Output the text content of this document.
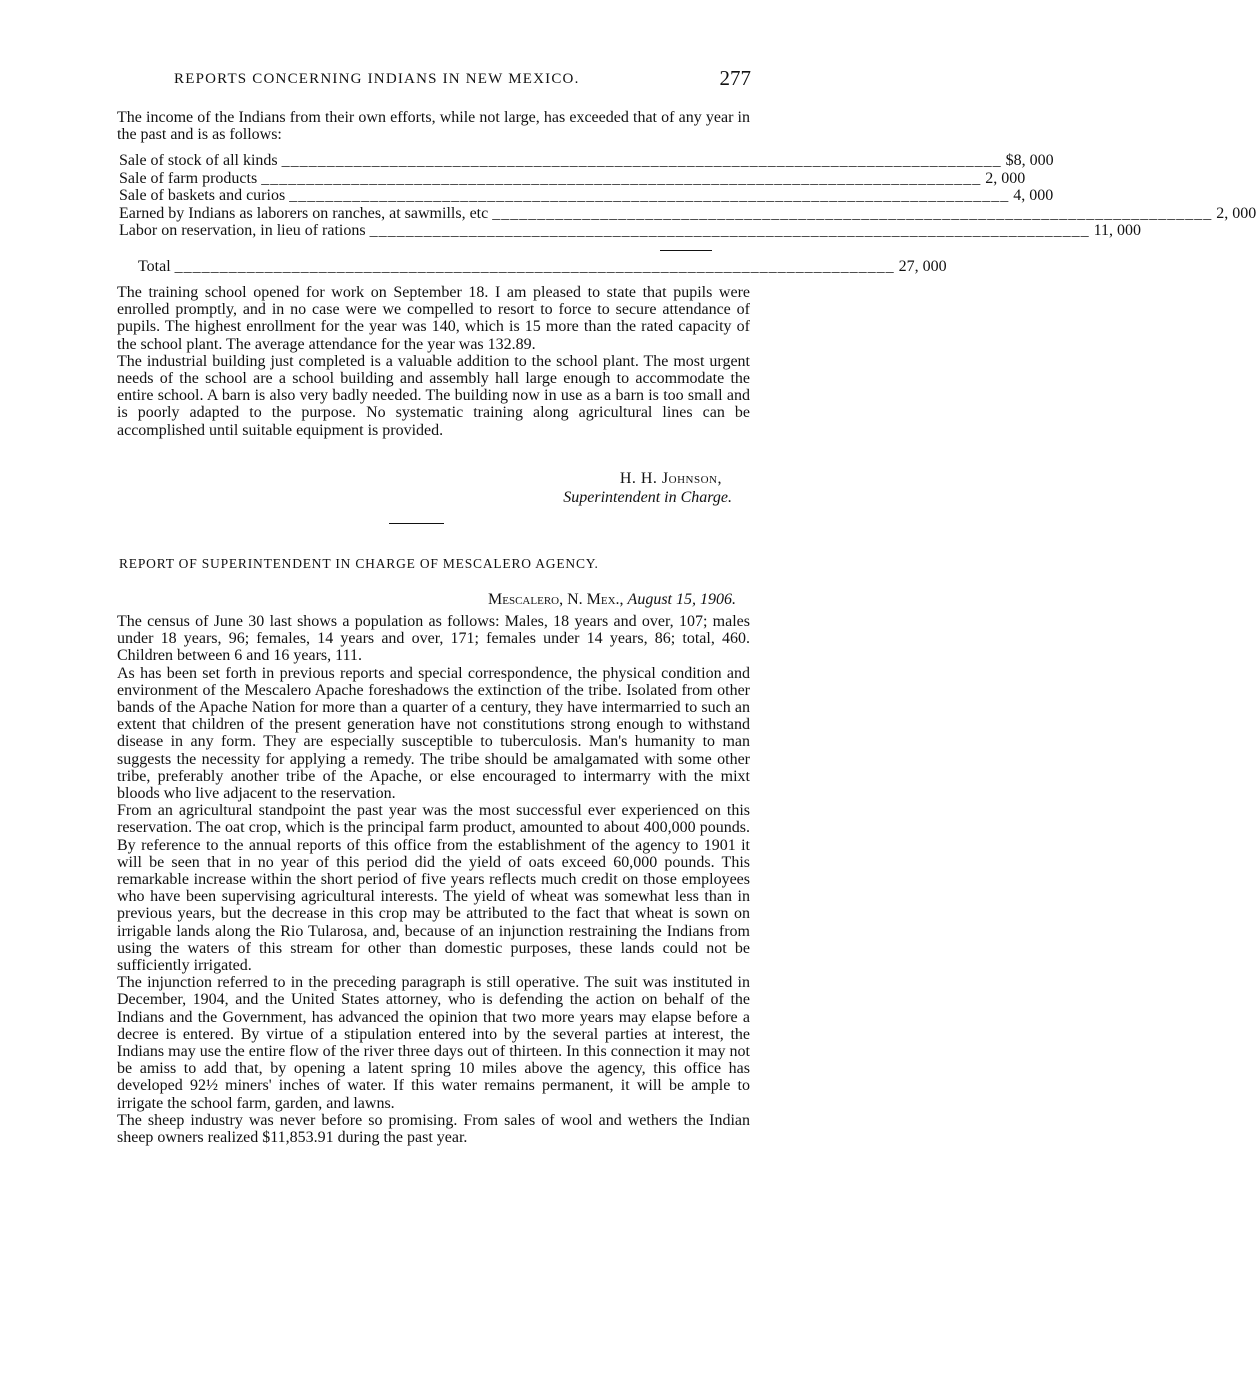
REPORTS CONCERNING INDIANS IN NEW MEXICO.	277

The income of the Indians from their own efforts, while not large, has exceeded that of any year in the past and is as follows:

Sale of stock of all kinds ________________________________________________________________________________ $8, 000
Sale of farm products ________________________________________________________________________________ 2, 000
Sale of baskets and curios ________________________________________________________________________________ 4, 000
Earned by Indians as laborers on ranches, at sawmills, etc ________________________________________________________________________________ 2, 000
Labor on reservation, in lieu of rations ________________________________________________________________________________ 11, 000
Total ________________________________________________________________________________ 27, 000

The training school opened for work on September 18. I am pleased to state that pupils were enrolled promptly, and in no case were we compelled to resort to force to secure attendance of pupils. The highest enrollment for the year was 140, which is 15 more than the rated capacity of the school plant. The average attendance for the year was 132.89.

The industrial building just completed is a valuable addition to the school plant. The most urgent needs of the school are a school building and assembly hall large enough to accommodate the entire school. A barn is also very badly needed. The building now in use as a barn is too small and is poorly adapted to the purpose. No systematic training along agricultural lines can be accomplished until suitable equipment is provided.

H. H. Johnson,
Superintendent in Charge.
REPORT OF SUPERINTENDENT IN CHARGE OF MESCALERO AGENCY.
Mescalero, N. Mex., August 15, 1906.

The census of June 30 last shows a population as follows: Males, 18 years and over, 107; males under 18 years, 96; females, 14 years and over, 171; females under 14 years, 86; total, 460. Children between 6 and 16 years, 111.

As has been set forth in previous reports and special correspondence, the physical condition and environment of the Mescalero Apache foreshadows the extinction of the tribe. Isolated from other bands of the Apache Nation for more than a quarter of a century, they have intermarried to such an extent that children of the present generation have not constitutions strong enough to withstand disease in any form. They are especially susceptible to tuberculosis. Man's humanity to man suggests the necessity for applying a remedy. The tribe should be amalgamated with some other tribe, preferably another tribe of the Apache, or else encouraged to intermarry with the mixt bloods who live adjacent to the reservation.

From an agricultural standpoint the past year was the most successful ever experienced on this reservation. The oat crop, which is the principal farm product, amounted to about 400,000 pounds. By reference to the annual reports of this office from the establishment of the agency to 1901 it will be seen that in no year of this period did the yield of oats exceed 60,000 pounds. This remarkable increase within the short period of five years reflects much credit on those employees who have been supervising agricultural interests. The yield of wheat was somewhat less than in previous years, but the decrease in this crop may be attributed to the fact that wheat is sown on irrigable lands along the Rio Tularosa, and, because of an injunction restraining the Indians from using the waters of this stream for other than domestic purposes, these lands could not be sufficiently irrigated.

The injunction referred to in the preceding paragraph is still operative. The suit was instituted in December, 1904, and the United States attorney, who is defending the action on behalf of the Indians and the Government, has advanced the opinion that two more years may elapse before a decree is entered. By virtue of a stipulation entered into by the several parties at interest, the Indians may use the entire flow of the river three days out of thirteen. In this connection it may not be amiss to add that, by opening a latent spring 10 miles above the agency, this office has developed 92½ miners' inches of water. If this water remains permanent, it will be ample to irrigate the school farm, garden, and lawns.

The sheep industry was never before so promising. From sales of wool and wethers the Indian sheep owners realized $11,853.91 during the past year.
